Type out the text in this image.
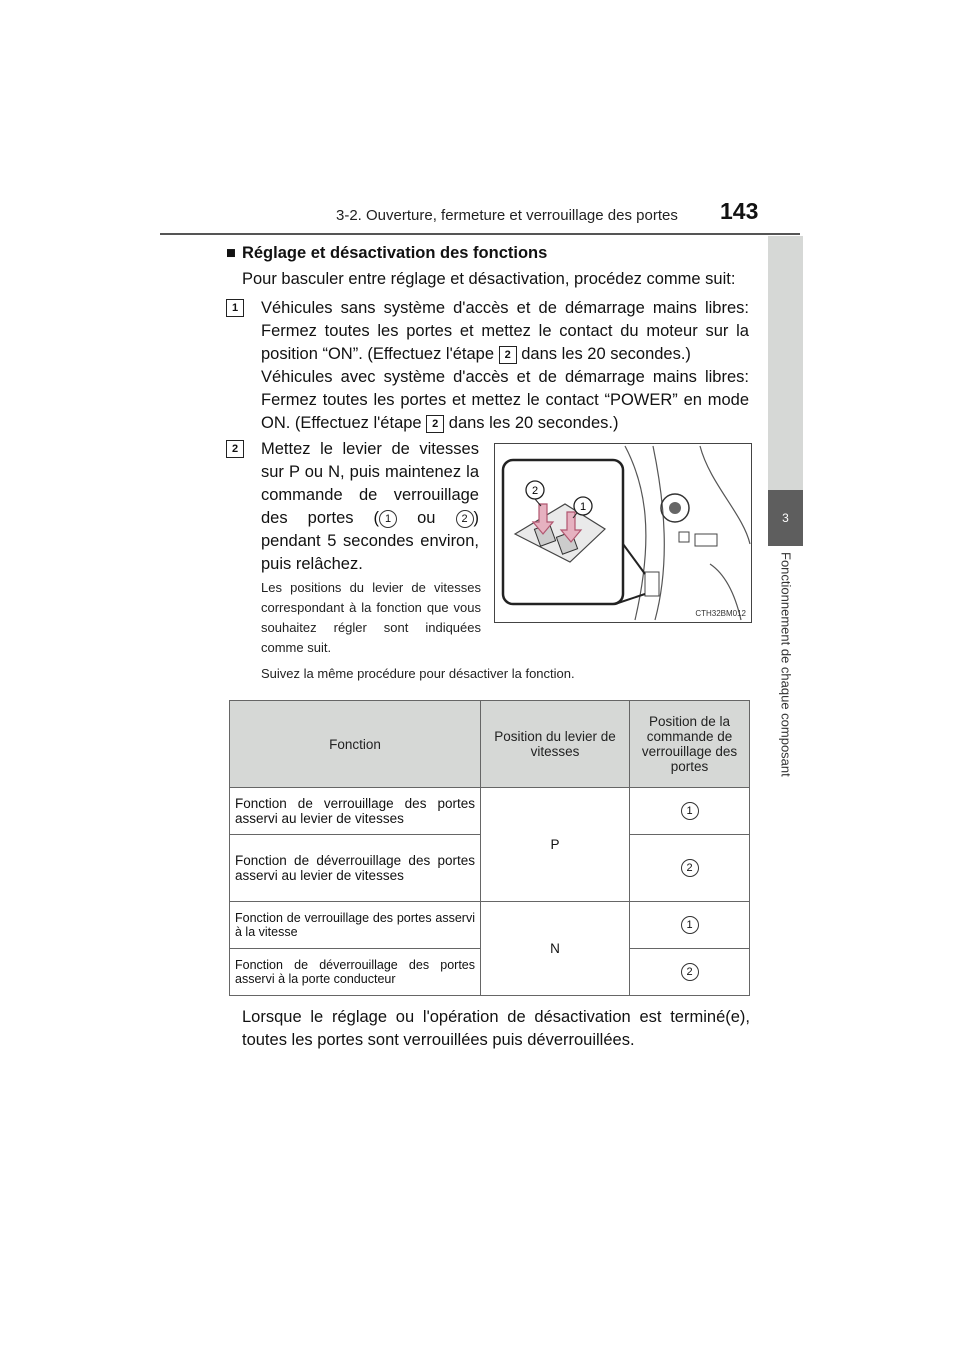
3-2. Ouverture, fermeture et verrouillage des portes 143
3
Fonctionnement de chaque composant
■ Réglage et désactivation des fonctions
Pour basculer entre réglage et désactivation, procédez comme suit:
1	Véhicules sans système d'accès et de démarrage mains libres: Fermez toutes les portes et mettez le contact du moteur sur la position “ON”. (Effectuez l'étape 2 dans les 20 secondes.)
Véhicules avec système d'accès et de démarrage mains libres: Fermez toutes les portes et mettez le contact “POWER” en mode ON. (Effectuez l'étape 2 dans les 20 secondes.)
2	Mettez le levier de vitesses sur P ou N, puis maintenez la commande de verrouillage des portes ( 1 ou 2 ) pendant 5 secondes environ, puis relâchez.
Les positions du levier de vitesses correspondant à la fonction que vous souhaitez régler sont indiquées comme suit.
Suivez la même procédure pour désactiver la fonction.
2
1
CTH32BM012
Fonction	Position du levier de vitesses	Position de la commande de verrouillage des portes
Fonction de verrouillage des portes asservi au levier de vitesses	P	1
Fonction de déverrouillage des portes asservi au levier de vitesses		2
Fonction de verrouillage des portes asservi à la vitesse	N	1
Fonction de déverrouillage des portes asservi à la porte conducteur		2
Lorsque le réglage ou l'opération de désactivation est terminé(e), toutes les portes sont verrouillées puis déverrouillées.
